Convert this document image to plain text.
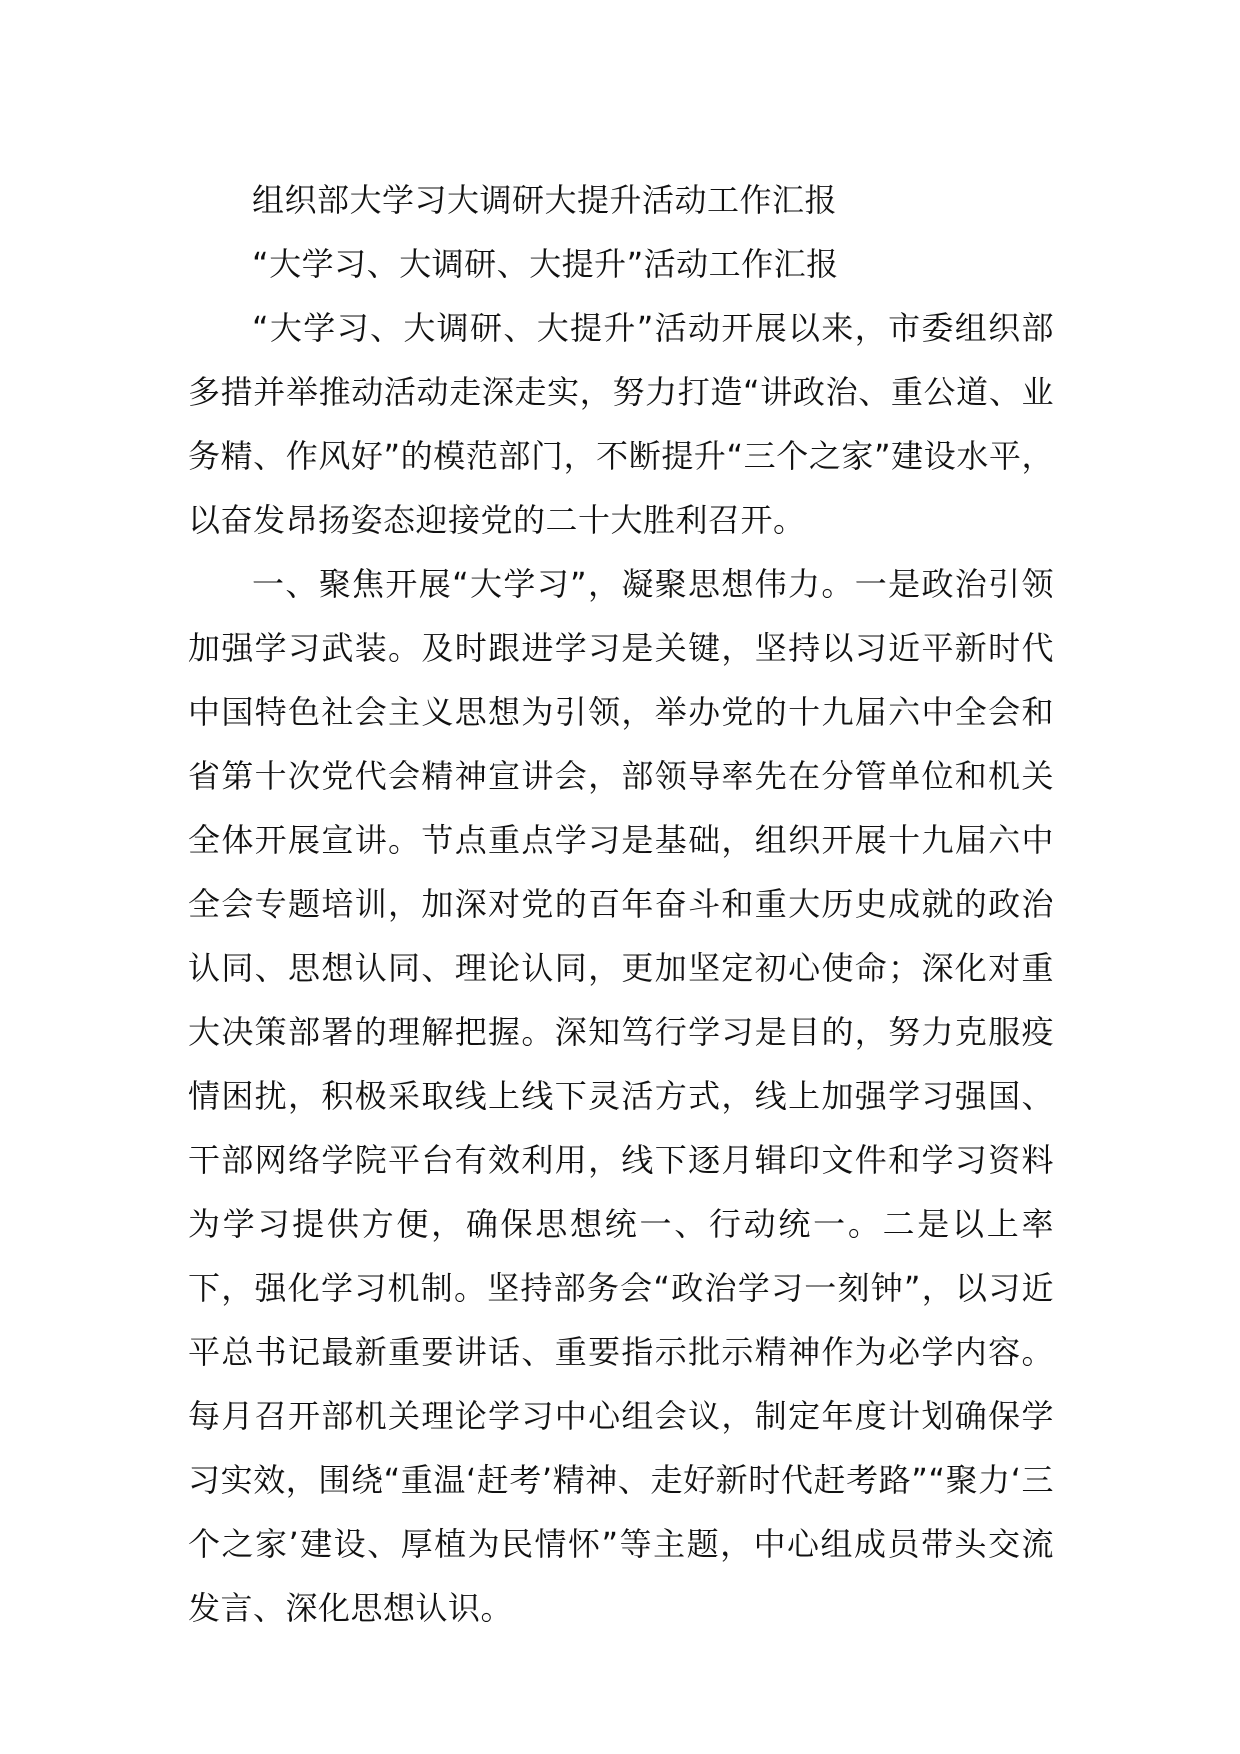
组织部大学习大调研大提升活动工作汇报

“大学习、大调研、大提升”活动工作汇报

“大学习、大调研、大提升”活动开展以来，市委组织部多措并举推动活动走深走实，努力打造“讲政治、重公道、业务精、作风好”的模范部门，不断提升“三个之家”建设水平，以奋发昂扬姿态迎接党的二十大胜利召开。

一、聚焦开展“大学习”，凝聚思想伟力。一是政治引领加强学习武装。及时跟进学习是关键，坚持以习近平新时代中国特色社会主义思想为引领，举办党的十九届六中全会和省第十次党代会精神宣讲会，部领导率先在分管单位和机关全体开展宣讲。节点重点学习是基础，组织开展十九届六中全会专题培训，加深对党的百年奋斗和重大历史成就的政治认同、思想认同、理论认同，更加坚定初心使命；深化对重大决策部署的理解把握。深知笃行学习是目的，努力克服疫情困扰，积极采取线上线下灵活方式，线上加强学习强国、干部网络学院平台有效利用，线下逐月辑印文件和学习资料为学习提供方便，确保思想统一、行动统一。二是以上率下，强化学习机制。坚持部务会“政治学习一刻钟”，以习近平总书记最新重要讲话、重要指示批示精神作为必学内容。每月召开部机关理论学习中心组会议，制定年度计划确保学习实效，围绕“重温‘赶考’精神、走好新时代赶考路”“聚力‘三个之家’建设、厚植为民情怀”等主题，中心组成员带头交流发言、深化思想认识。
